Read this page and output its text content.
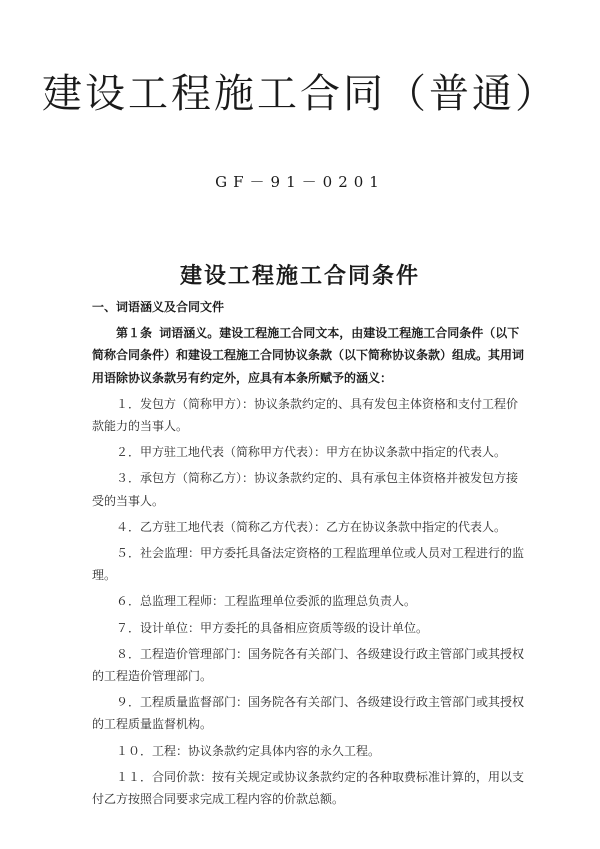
建设工程施工合同（普通）
GF－91－0201
建设工程施工合同条件

一、词语涵义及合同文件

第１条 词语涵义。建设工程施工合同文本，由建设工程施工合同条件（以下简称合同条件）和建设工程施工合同协议条款（以下简称协议条款）组成。其用词用语除协议条款另有约定外，应具有本条所赋予的涵义：

１．发包方（简称甲方）：协议条款约定的、具有发包主体资格和支付工程价款能力的当事人。

２．甲方驻工地代表（简称甲方代表）：甲方在协议条款中指定的代表人。

３．承包方（简称乙方）：协议条款约定的、具有承包主体资格并被发包方接受的当事人。

４．乙方驻工地代表（简称乙方代表）：乙方在协议条款中指定的代表人。

５．社会监理：甲方委托具备法定资格的工程监理单位或人员对工程进行的监理。

６．总监理工程师：工程监理单位委派的监理总负责人。

７．设计单位：甲方委托的具备相应资质等级的设计单位。

８．工程造价管理部门：国务院各有关部门、各级建设行政主管部门或其授权的工程造价管理部门。

９．工程质量监督部门：国务院各有关部门、各级建设行政主管部门或其授权的工程质量监督机构。

１０．工程：协议条款约定具体内容的永久工程。

１１．合同价款：按有关规定或协议条款约定的各种取费标准计算的，用以支付乙方按照合同要求完成工程内容的价款总额。
